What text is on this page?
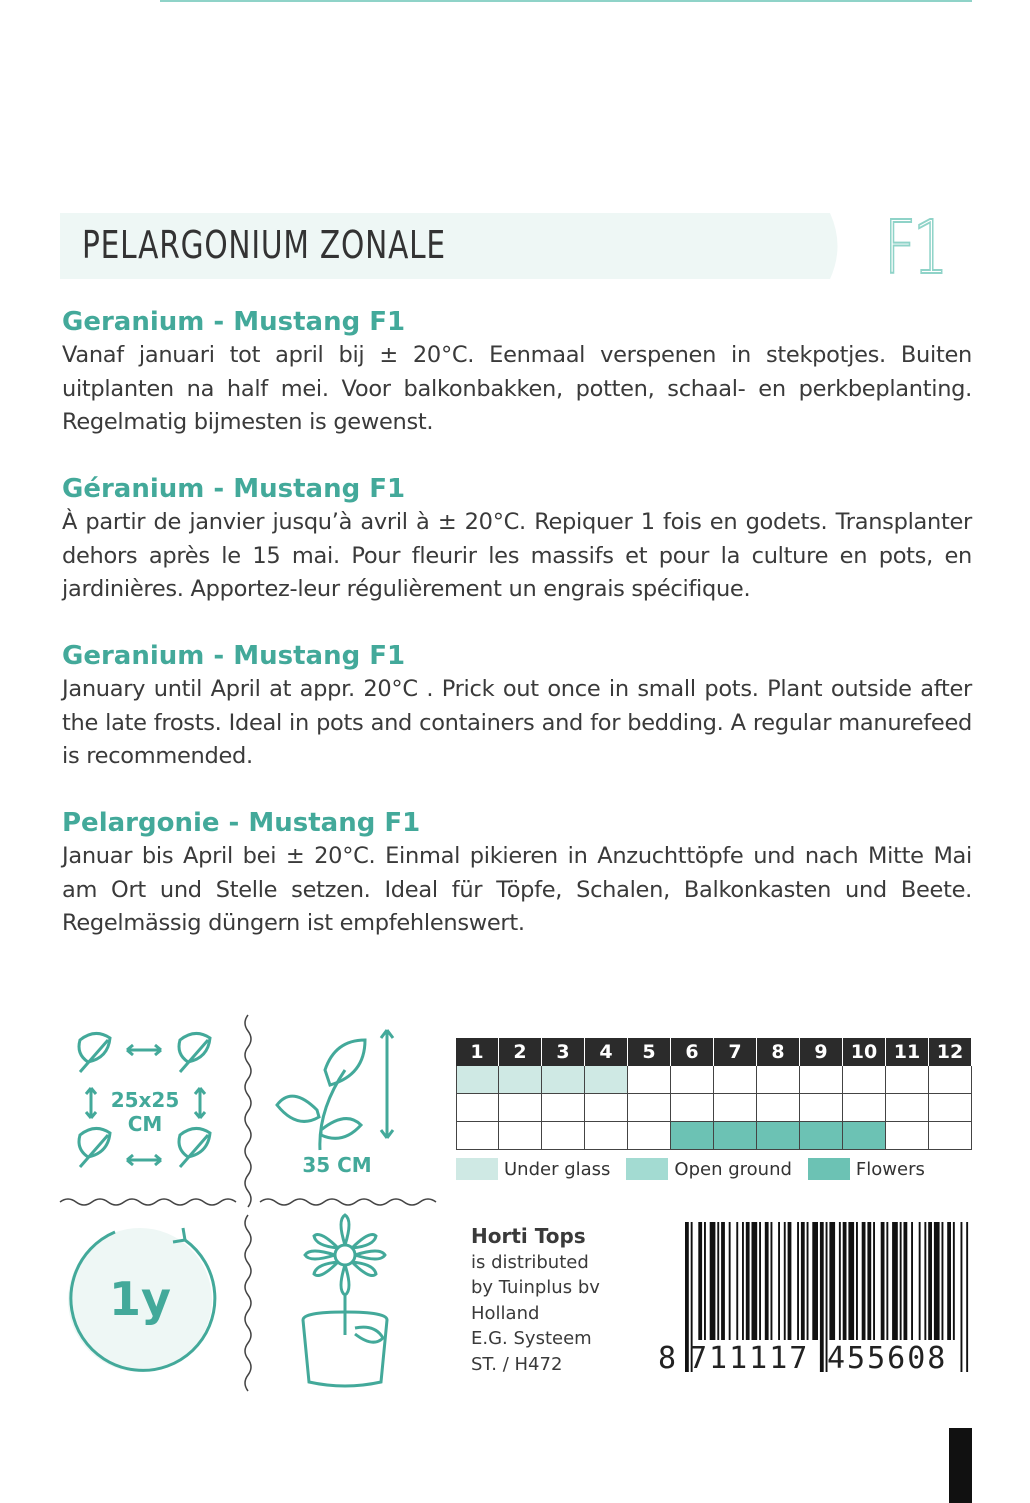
PELARGONIUM ZONALE	F1
Geranium - Mustang F1

Vanaf januari tot april bij ± 20°C. Eenmaal verspenen in stekpotjes. Buiten uitplanten na half mei. Voor balkonbakken, potten, schaal- en perkbeplanting. Regelmatig bijmesten is gewenst.

Géranium - Mustang F1

À partir de janvier jusqu’à avril à ± 20°C. Repiquer 1 fois en godets. Transplanter dehors après le 15 mai. Pour fleurir les massifs et pour la culture en pots, en jardinières. Apportez-leur régulièrement un engrais spécifique.

Geranium - Mustang F1

January until April at appr. 20°C . Prick out once in small pots. Plant outside after the late frosts. Ideal in pots and containers and for bedding. A regular manurefeed is recommended.

Pelargonie - Mustang F1

Januar bis April bei ± 20°C. Einmal pikieren in Anzuchttöpfe und nach Mitte Mai am Ort und Stelle setzen. Ideal für Töpfe, Schalen, Balkonkasten und Beete. Regelmässig düngern ist empfehlenswert.

25x25
CM
35 CM
1y
1	2	3	4	5	6	7	8	9	10 11 12
Under glass	Open ground	Flowers
Horti Tops
is distributed
by Tuinplus bv
Holland
E.G. Systeem
ST. / H472	8 711117 455608
